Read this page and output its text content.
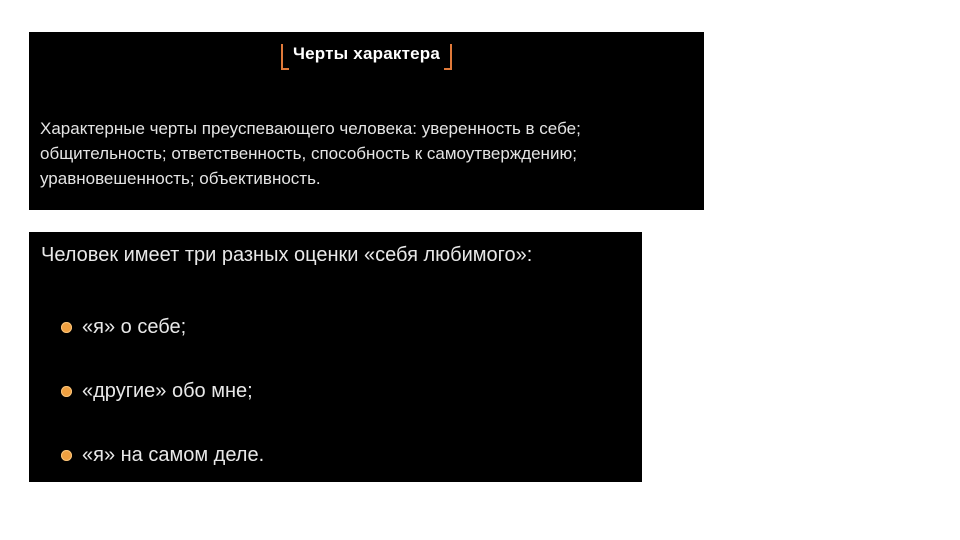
Черты характера
Характерные черты преуспевающего человека: уверенность в себе; общительность; ответственность, способность к самоутверждению; уравновешенность; объективность.
Человек имеет три разных оценки «себя любимого»:
«я» о себе;
«другие» обо мне;
«я» на самом деле.
